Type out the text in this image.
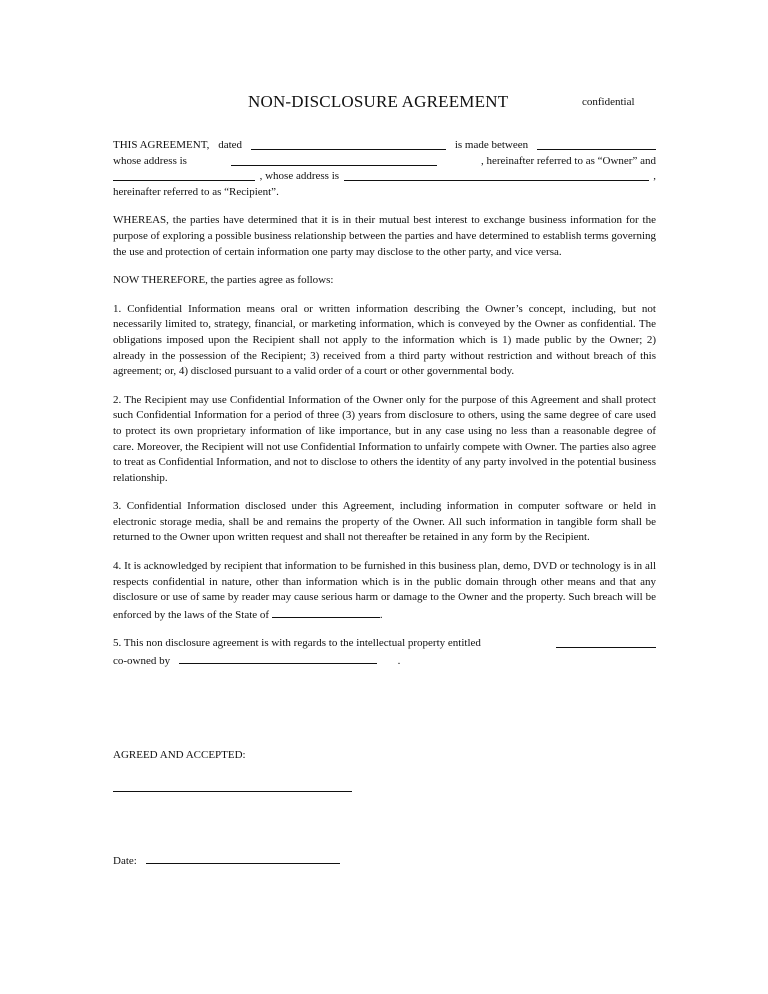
NON-DISCLOSURE AGREEMENT	confidential
THIS AGREEMENT, dated	is made between
whose address is	, hereinafter referred to as “Owner” and
, whose address is	,
hereinafter referred to as “Recipient”.

WHEREAS, the parties have determined that it is in their mutual best interest to exchange business information for the purpose of exploring a possible business relationship between the parties and have determined to establish terms governing the use and protection of certain information one party may disclose to the other party, and vice versa.

NOW THEREFORE, the parties agree as follows:

1. Confidential Information means oral or written information describing the Owner’s concept, including, but not necessarily limited to, strategy, financial, or marketing information, which is conveyed by the Owner as confidential. The obligations imposed upon the Recipient shall not apply to the information which is 1) made public by the Owner; 2) already in the possession of the Recipient; 3) received from a third party without restriction and without breach of this agreement; or, 4) disclosed pursuant to a valid order of a court or other governmental body.

2. The Recipient may use Confidential Information of the Owner only for the purpose of this Agreement and shall protect such Confidential Information for a period of three (3) years from disclosure to others, using the same degree of care used to protect its own proprietary information of like importance, but in any case using no less than a reasonable degree of care. Moreover, the Recipient will not use Confidential Information to unfairly compete with Owner. The parties also agree to treat as Confidential Information, and not to disclose to others the identity of any party involved in the potential business relationship.

3. Confidential Information disclosed under this Agreement, including information in computer software or held in electronic storage media, shall be and remains the property of the Owner. All such information in tangible form shall be returned to the Owner upon written request and shall not thereafter be retained in any form by the Recipient.

4. It is acknowledged by recipient that information to be furnished in this business plan, demo, DVD or technology is in all respects confidential in nature, other than information which is in the public domain through other means and that any disclosure or use of same by reader may cause serious harm or damage to the Owner and the property. Such breach will be enforced by the laws of the State of	.

5. This non disclosure agreement is with regards to the intellectual property entitled
co-owned by	.
AGREED AND ACCEPTED:
Date:
